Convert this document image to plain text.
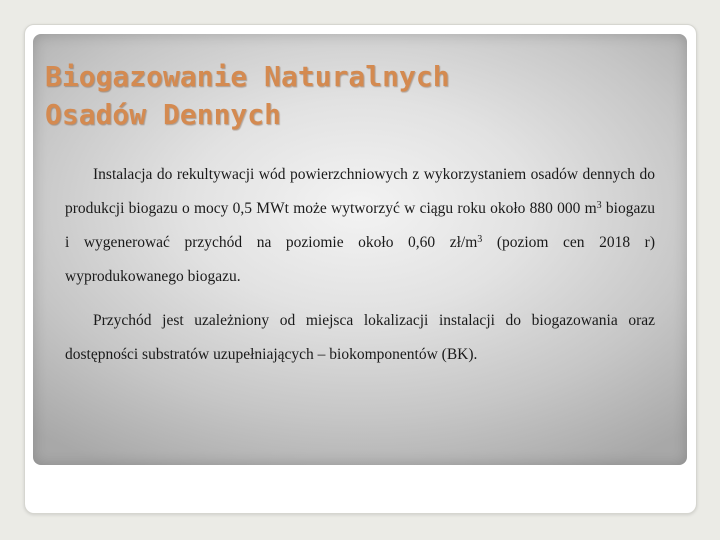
Biogazowanie Naturalnych
Osadów Dennych

Instalacja do rekultywacji wód powierzchniowych z wykorzystaniem osadów dennych do produkcji biogazu o mocy 0,5 MWt może wytworzyć w ciągu roku około 880 000 $m^3$ biogazu i wygenerować przychód na poziomie około 0,60 $zł/m^3$ (poziom cen 2018 r) wyprodukowanego biogazu.

Przychód jest uzależniony od miejsca lokalizacji instalacji do biogazowania oraz dostępności substratów uzupełniających – biokomponentów (BK).
